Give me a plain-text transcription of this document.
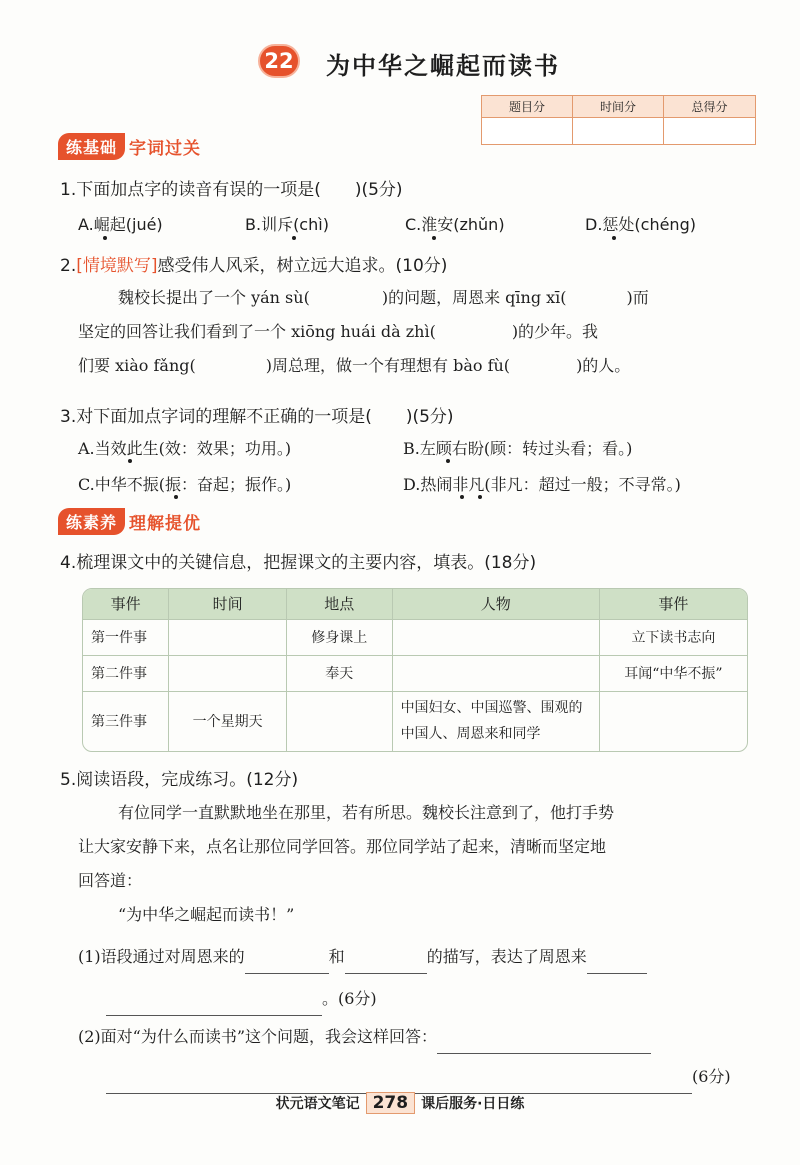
22 为中华之崛起而读书
题目分	时间分	总得分
练基础 字词过关
1.下面加点字的读音有误的一项是(　　)(5分)
A.崛起(jué)	B.训斥(chì)	C.淮安(zhǔn)	D.惩处(chéng)
2.[情境默写]感受伟人风采，树立远大追求。(10分)
魏校长提出了一个 yán sù(	)的问题，周恩来 qīng xī(	)而
坚定的回答让我们看到了一个 xiōng huái dà zhì(	)的少年。我
们要 xiào fǎng(	)周总理，做一个有理想有 bào fù(	)的人。
3.对下面加点字词的理解不正确的一项是(　　)(5分)
A.当效此生(效：效果；功用。)	B.左顾右盼(顾：转过头看；看。)
C.中华不振(振：奋起；振作。)	D.热闹非凡(非凡：超过一般；不寻常。)
练素养 理解提优
4.梳理课文中的关键信息，把握课文的主要内容，填表。(18分)
事件	时间	地点	人物	事件
第一件事		修身课上		立下读书志向
第二件事		奉天		耳闻“中华不振”
第三件事	一个星期天		中国妇女、中国巡警、围观的中国人、周恩来和同学	
5.阅读语段，完成练习。(12分)
有位同学一直默默地坐在那里，若有所思。魏校长注意到了，他打手势
让大家安静下来，点名让那位同学回答。那位同学站了起来，清晰而坚定地
回答道：
“为中华之崛起而读书！”
(1)语段通过对周恩来的	和	的描写，表达了周恩来
。(6分)
(2)面对“为什么而读书”这个问题，我会这样回答：
(6分)
状元语文笔记 278 课后服务·日日练
